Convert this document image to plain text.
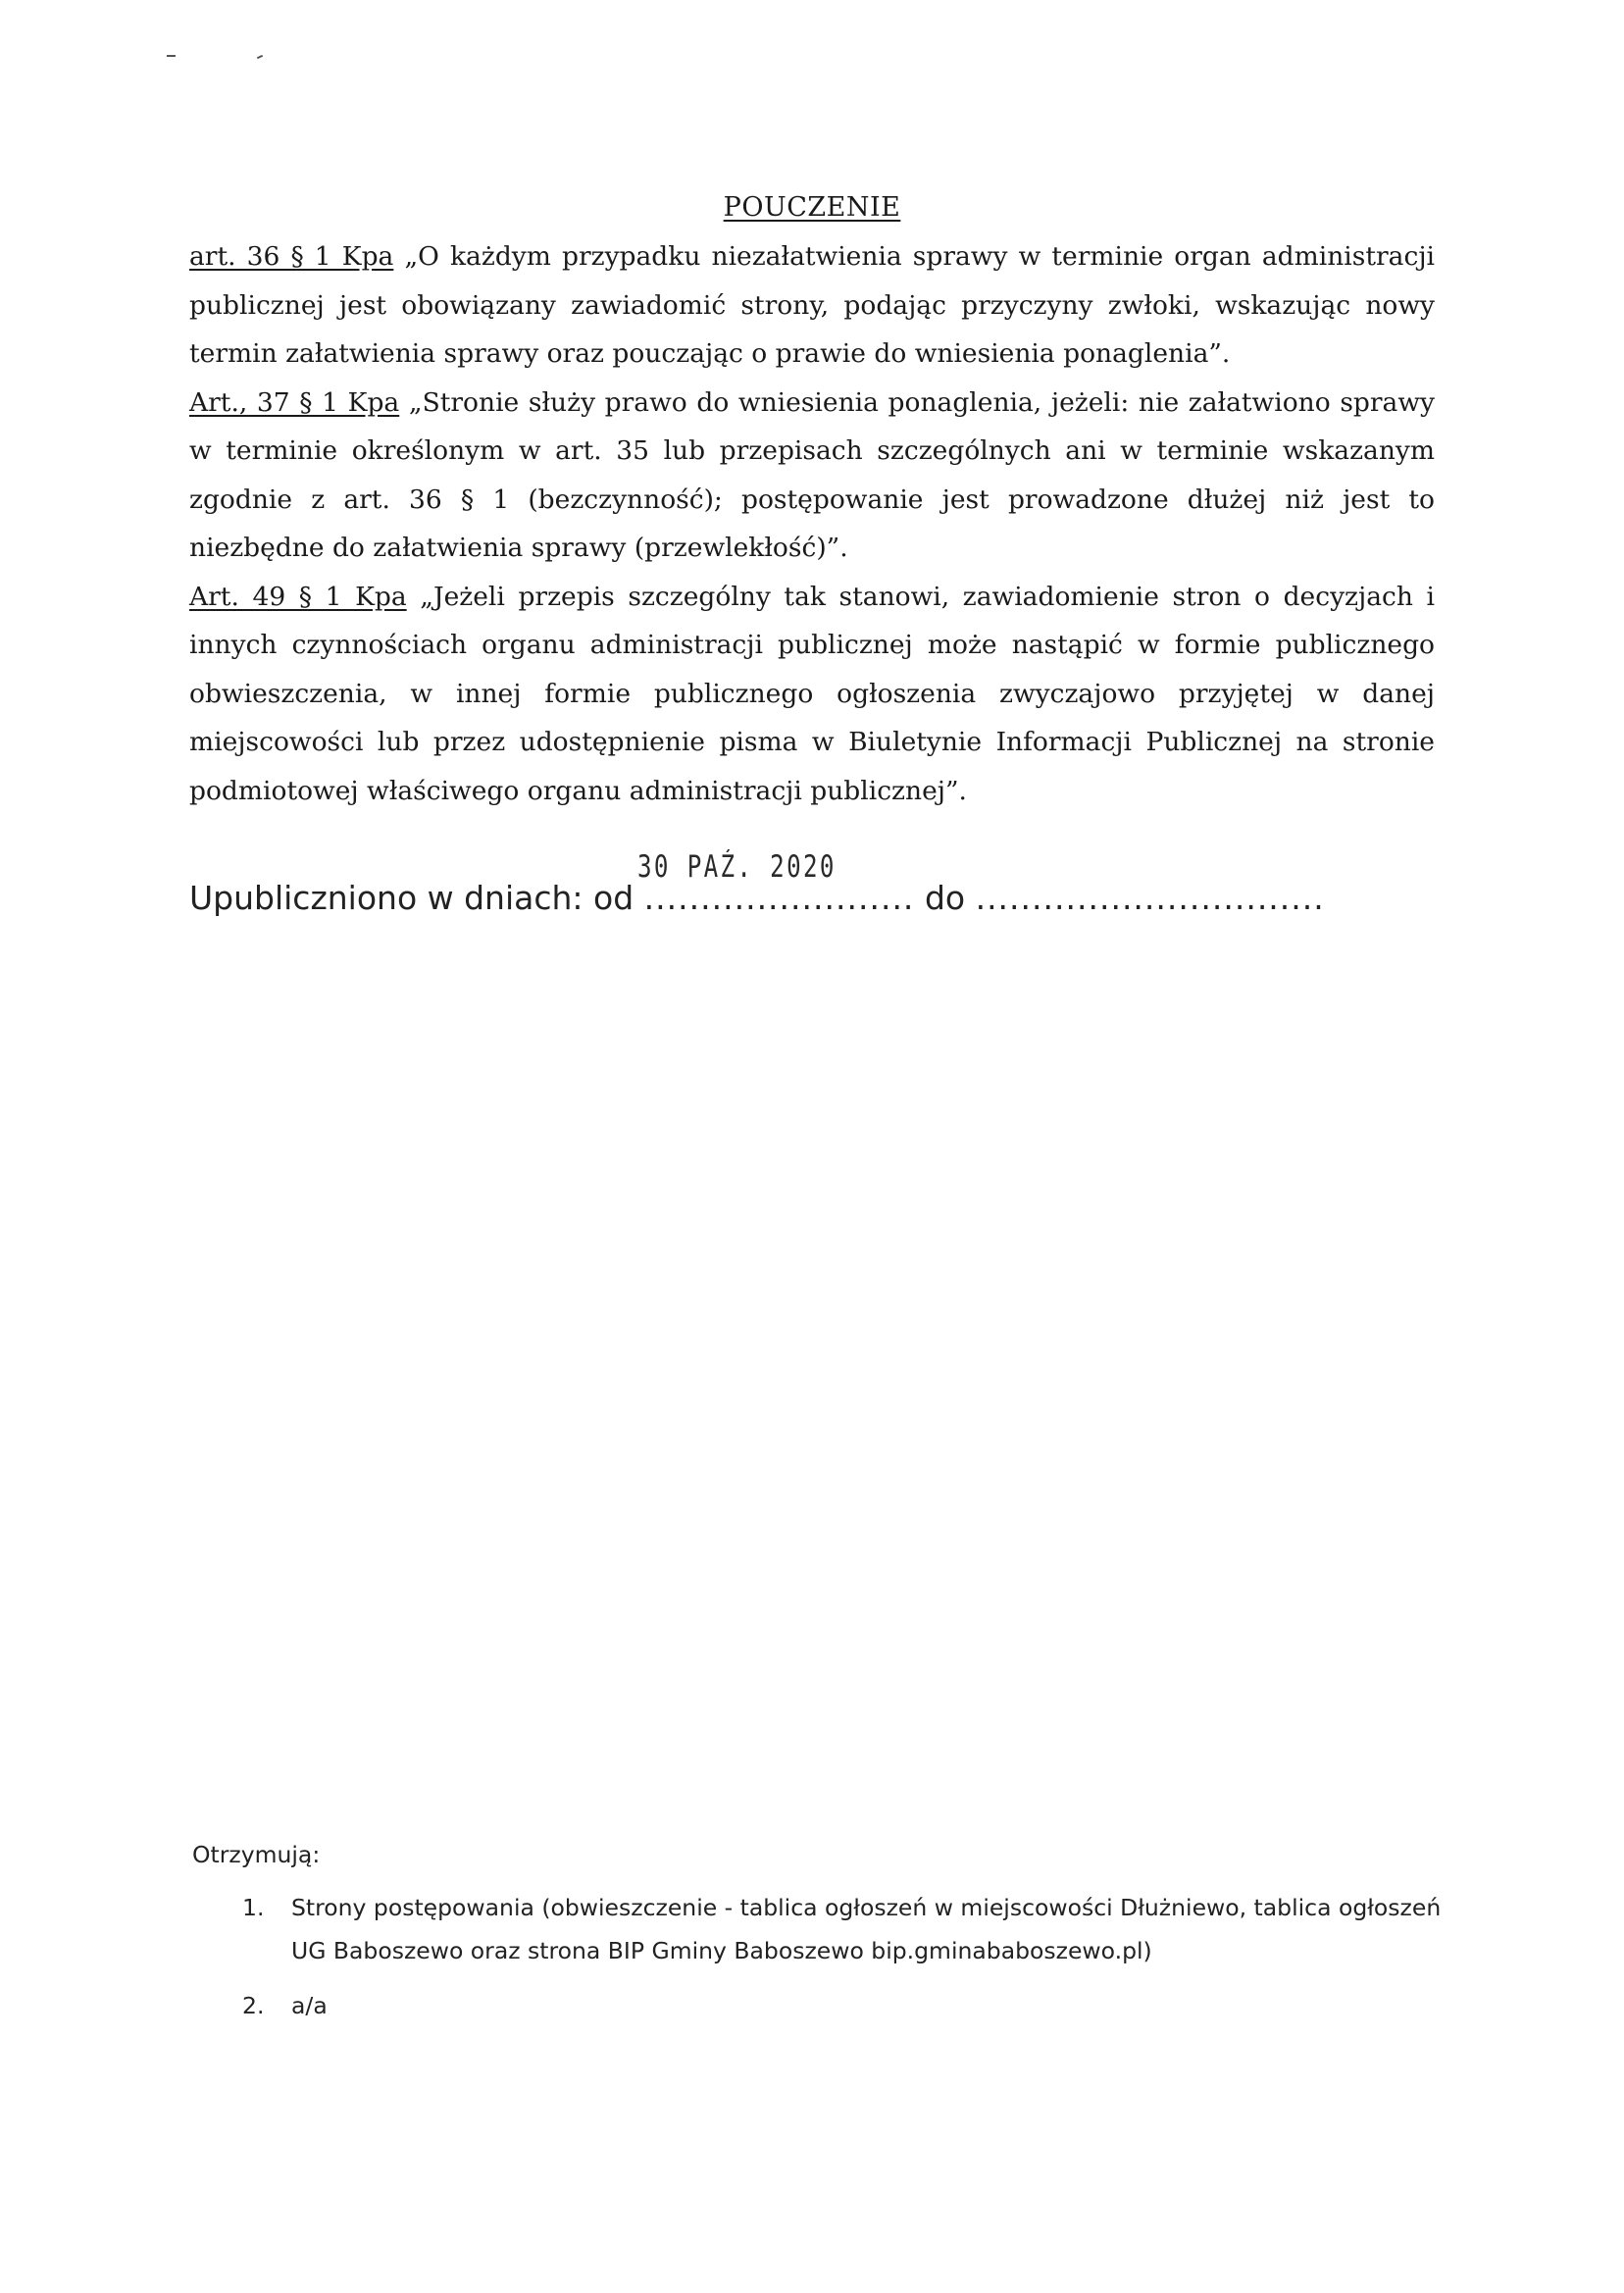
POUCZENIE

art. 36 § 1 Kpa „O każdym przypadku niezałatwienia sprawy w terminie organ administracji publicznej jest obowiązany zawiadomić strony, podając przyczyny zwłoki, wskazując nowy termin załatwienia sprawy oraz pouczając o prawie do wniesienia ponaglenia”.

Art., 37 § 1 Kpa „Stronie służy prawo do wniesienia ponaglenia, jeżeli: nie załatwiono sprawy w terminie określonym w art. 35 lub przepisach szczególnych ani w terminie wskazanym zgodnie z art. 36 § 1 (bezczynność); postępowanie jest prowadzone dłużej niż jest to niezbędne do załatwienia sprawy (przewlekłość)”.

Art. 49 § 1 Kpa „Jeżeli przepis szczególny tak stanowi, zawiadomienie stron o decyzjach i innych czynnościach organu administracji publicznej może nastąpić w formie publicznego obwieszczenia, w innej formie publicznego ogłoszenia zwyczajowo przyjętej w danej miejscowości lub przez udostępnienie pisma w Biuletynie Informacji Publicznej na stronie podmiotowej właściwego organu administracji publicznej”.

30 PAŹ. 2020
Upubliczniono w dniach: od ........................ do ...............................

Otrzymują:

1. Strony postępowania (obwieszczenie - tablica ogłoszeń w miejscowości Dłużniewo, tablica ogłoszeń UG Baboszewo oraz strona BIP Gminy Baboszewo bip.gminababoszewo.pl)
2. a/a
